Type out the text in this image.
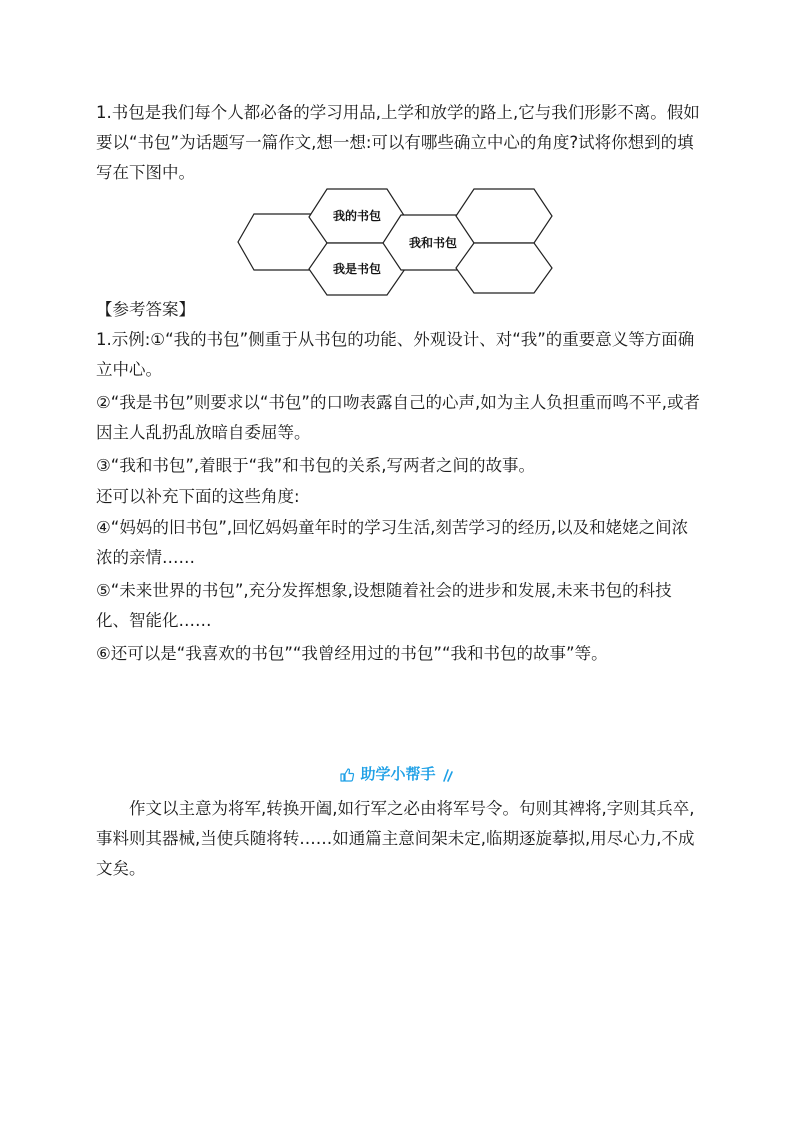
1.书包是我们每个人都必备的学习用品,上学和放学的路上,它与我们形影不离。假如要以“书包”为话题写一篇作文,想一想:可以有哪些确立中心的角度?试将你想到的填写在下图中。

我的书包
我和书包
我是书包

【参考答案】

1.示例:①“我的书包”侧重于从书包的功能、外观设计、对“我”的重要意义等方面确立中心。

②“我是书包”则要求以“书包”的口吻表露自己的心声,如为主人负担重而鸣不平,或者因主人乱扔乱放暗自委屈等。

③“我和书包”,着眼于“我”和书包的关系,写两者之间的故事。

还可以补充下面的这些角度:

④“妈妈的旧书包”,回忆妈妈童年时的学习生活,刻苦学习的经历,以及和姥姥之间浓浓的亲情……

⑤“未来世界的书包”,充分发挥想象,设想随着社会的进步和发展,未来书包的科技化、智能化……

⑥还可以是“我喜欢的书包”“我曾经用过的书包”“我和书包的故事”等。

助学小帮手

作文以主意为将军,转换开阖,如行军之必由将军号令。句则其裨将,字则其兵卒,事料则其器械,当使兵随将转……如通篇主意间架未定,临期逐旋摹拟,用尽心力,不成文矣。
